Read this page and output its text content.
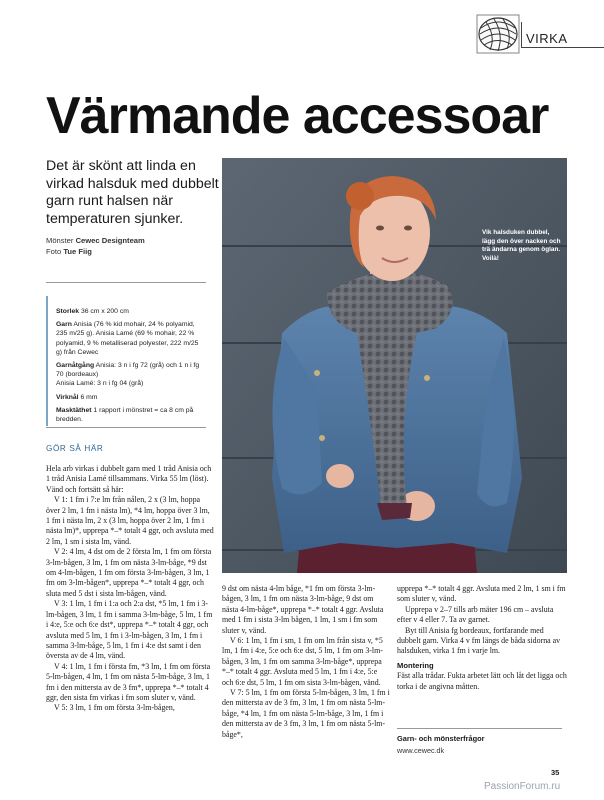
VIRKA
Värmande accessoar
Det är skönt att linda en virkad halsduk med dubbelt garn runt halsen när temperaturen sjunker.
Mönster Cewec Designteam
Foto Tue Fiig
Vik halsduken dubbel, lägg den över nacken och trä ändarna genom öglan. Voilà!

Storlek 36 cm x 200 cm

Garn Anisia (76 % kid mohair, 24 % polyamid, 235 m/25 g). Anisia Lamé (69 % mohair, 22 % polyamid, 9 % metalliserad polyester, 222 m/25 g) från Cewec

Garnåtgång Anisia: 3 n i fg 72 (grå) och 1 n i fg 70 (bordeaux)
Anisia Lamé: 3 n i fg 04 (grå)

Virknål 6 mm

Masktäthet 1 rapport i mönstret = ca 8 cm på bredden.

GÖR SÅ HÄR

Hela arb virkas i dubbelt garn med 1 tråd Anisia och 1 tråd Anisia Lamé tillsammans. Virka 55 lm (löst). Vänd och fortsätt så här:

V 1: 1 fm i 7:e lm från nålen, 2 x (3 lm, hoppa över 2 lm, 1 fm i nästa lm), *4 lm, hoppa över 3 lm, 1 fm i nästa lm, 2 x (3 lm, hoppa över 2 lm, 1 fm i nästa lm)*, upprepa *–* totalt 4 ggr, och avsluta med 2 lm, 1 sm i sista lm, vänd.

V 2: 4 lm, 4 dst om de 2 första lm, 1 fm om första 3-lm-bågen, 3 lm, 1 fm om nästa 3-lm-båge, *9 dst om 4-lm-bågen, 1 fm om första 3-lm-bågen, 3 lm, 1 fm om 3-lm-bågen*, upprepa *–* totalt 4 ggr, och sluta med 5 dst i sista lm-bågen, vänd.

V 3: 1 lm, 1 fm i 1:a och 2:a dst, *5 lm, 1 fm i 3-lm-bågen, 3 lm, 1 fm i samma 3-lm-båge, 5 lm, 1 fm i 4:e, 5:e och 6:e dst*, upprepa *–* totalt 4 ggr, och avsluta med 5 lm, 1 fm i 3-lm-bågen, 3 lm, 1 fm i samma 3-lm-båge, 5 lm, 1 fm i 4:e dst samt i den översta av de 4 lm, vänd.

V 4: 1 lm, 1 fm i första fm, *3 lm, 1 fm om första 5-lm-bågen, 4 lm, 1 fm om nästa 5-lm-båge, 3 lm, 1 fm i den mittersta av de 3 fm*, upprepa *–* totalt 4 ggr, den sista fm virkas i fm som sluter v, vänd.

V 5: 3 lm, 1 fm om första 3-lm-bågen,

9 dst om nästa 4-lm båge, *1 fm om första 3-lm-bågen, 3 lm, 1 fm om nästa 3-lm-båge, 9 dst om nästa 4-lm-båge*, upprepa *–* totalt 4 ggr. Avsluta med 1 fm i sista 3-lm bågen, 1 lm, 1 sm i fm som sluter v, vänd.

V 6: 1 lm, 1 fm i sm, 1 fm om lm från sista v, *5 lm, 1 fm i 4:e, 5:e och 6:e dst, 5 lm, 1 fm om 3-lm-bågen, 3 lm, 1 fm om samma 3-lm-båge*, upprepa *–* totalt 4 ggr. Avsluta med 5 lm, 1 fm i 4:e, 5:e och 6:e dst, 5 lm, 1 fm om sista 3-lm-bågen, vänd.

V 7: 5 lm, 1 fm om första 5-lm-bågen, 3 lm, 1 fm i den mittersta av de 3 fm, 3 lm, 1 fm om nästa 5-lm-båge, *4 lm, 1 fm om nästa 5-lm-båge, 3 lm, 1 fm i den mittersta av de 3 fm, 3 lm, 1 fm om nästa 5-lm-båge*,

upprepa *–* totalt 4 ggr. Avsluta med 2 lm, 1 sm i fm som sluter v, vänd.

Upprepa v 2–7 tills arb mäter 196 cm – avsluta efter v 4 eller 7. Ta av garnet.

Byt till Anisia fg bordeaux, fortfarande med dubbelt garn. Virka 4 v fm längs de båda sidorna av halsduken, virka 1 fm i varje lm.

Montering

Fäst alla trådar. Fukta arbetet lätt och låt det ligga och torka i de angivna måtten.

Garn- och mönsterfrågor
www.cewec.dk
35
PassionForum.ru
